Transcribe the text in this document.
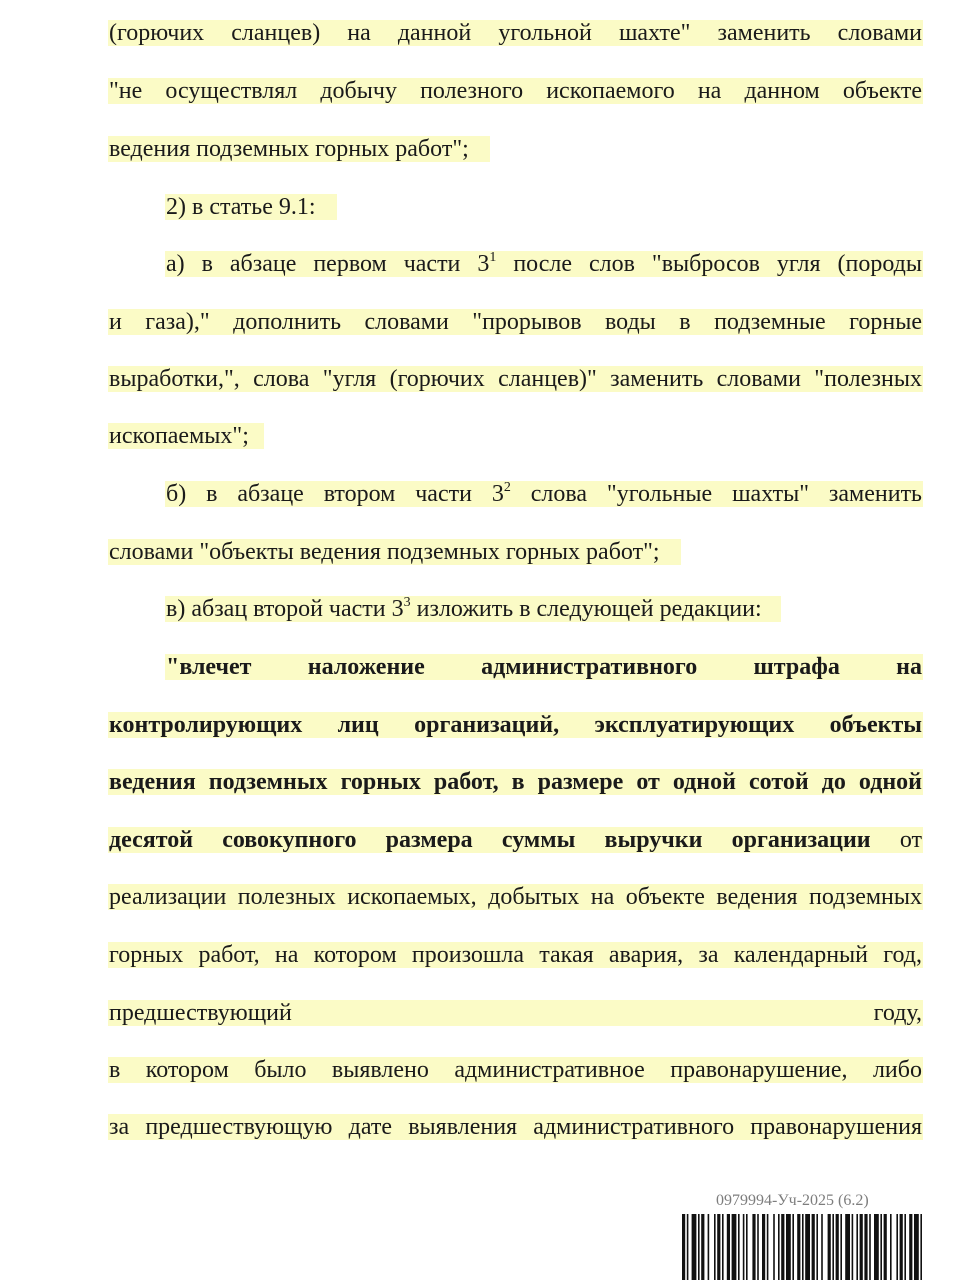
(горючих сланцев) на данной угольной шахте" заменить словами
"не осуществлял добычу полезного ископаемого на данном объекте
ведения подземных горных работ";
2) в статье 9.1:
а) в абзаце первом части $3^1$ после слов "выбросов угля (породы
и газа)," дополнить словами "прорывов воды в подземные горные
выработки,", слова "угля (горючих сланцев)" заменить словами "полезных
ископаемых";
б) в абзаце втором части $3^2$ слова "угольные шахты" заменить
словами "объекты ведения подземных горных работ";
в) абзац второй части $3^3$ изложить в следующей редакции:
"влечет наложение административного штрафа на
контролирующих лиц организаций, эксплуатирующих объекты
ведения подземных горных работ, в размере от одной сотой до одной
десятой совокупного размера суммы выручки организации от
реализации полезных ископаемых, добытых на объекте ведения подземных
горных работ, на котором произошла такая авария, за календарный год,
предшествующий году,
в котором было выявлено административное правонарушение, либо
за предшествующую дате выявления административного правонарушения
0979994-Уч-2025 (6.2)
